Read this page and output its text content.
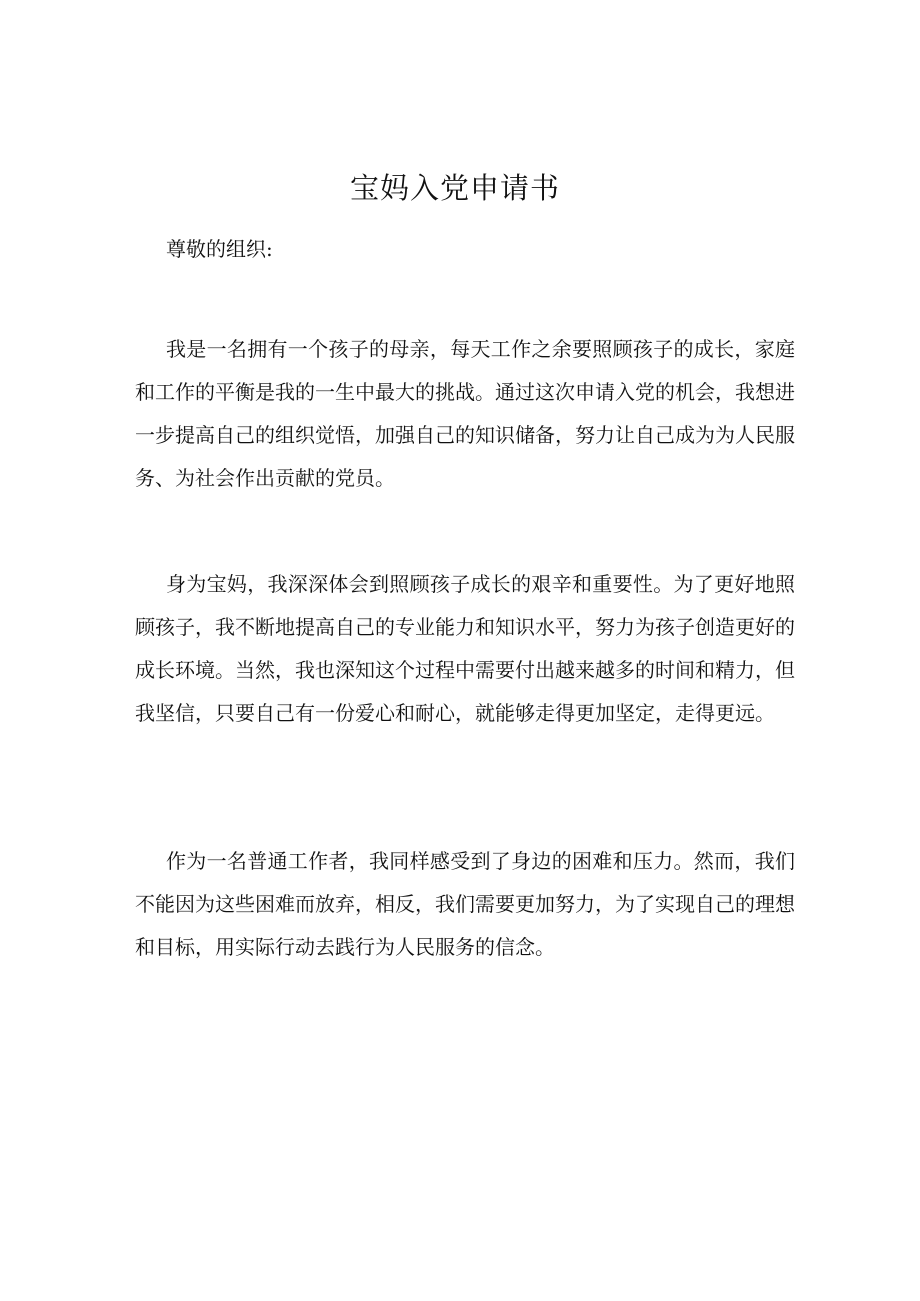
宝妈入党申请书

尊敬的组织:

我是一名拥有一个孩子的母亲，每天工作之余要照顾孩子的成长，家庭和工作的平衡是我的一生中最大的挑战。通过这次申请入党的机会，我想进一步提高自己的组织觉悟，加强自己的知识储备，努力让自己成为为人民服务、为社会作出贡献的党员。

身为宝妈，我深深体会到照顾孩子成长的艰辛和重要性。为了更好地照顾孩子，我不断地提高自己的专业能力和知识水平，努力为孩子创造更好的成长环境。当然，我也深知这个过程中需要付出越来越多的时间和精力，但我坚信，只要自己有一份爱心和耐心，就能够走得更加坚定，走得更远。

作为一名普通工作者，我同样感受到了身边的困难和压力。然而，我们不能因为这些困难而放弃，相反，我们需要更加努力，为了实现自己的理想和目标，用实际行动去践行为人民服务的信念。
